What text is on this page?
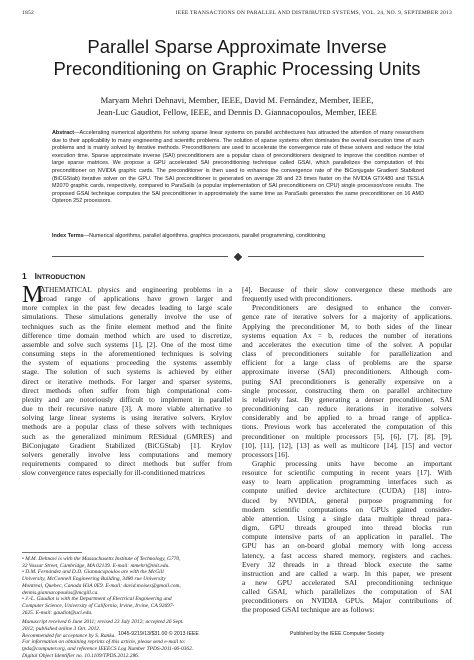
1852	IEEE TRANSACTIONS ON PARALLEL AND DISTRIBUTED SYSTEMS, VOL. 24, NO. 9, SEPTEMBER 2013
Parallel Sparse Approximate Inverse
Preconditioning on Graphic Processing Units
Maryam Mehri Dehnavi, Member, IEEE, David M. Fernández, Member, IEEE,
Jean-Luc Gaudiot, Fellow, IEEE, and Dennis D. Giannacopoulos, Member, IEEE

Abstract—Accelerating numerical algorithms for solving sparse linear systems on parallel architectures has attracted the attention of many researchers due to their applicability to many engineering and scientific problems. The solution of sparse systems often dominates the overall execution time of such problems and is mainly solved by iterative methods. Preconditioners are used to accelerate the convergence rate of these solvers and reduce the total execution time. Sparse approximate inverse (SAI) preconditioners are a popular class of preconditioners designed to improve the condition number of large sparse matrices. We propose a GPU accelerated SAI preconditioning technique called GSAI, which parallelizes the computation of this preconditioner on NVIDIA graphic cards. The preconditioner is then used to enhance the convergence rate of the BiConjugate Gradient Stabilized (BiCGStab) iterative solver on the GPU. The SAI preconditioner is generated on average 28 and 23 times faster on the NVIDIA GTX480 and TESLA M2070 graphic cards, respectively, compared to ParaSails (a popular implementation of SAI preconditioners on CPU) single processor/core results. The proposed GSAI technique computes the SAI preconditioner in approximately the same time as ParaSails generates the same preconditioner on 16 AMD Opteron 252 processors.

Index Terms—Numerical algorithms, parallel algorithms, graphics processors, parallel programming, conditioning
1 INTRODUCTION
M
ATHEMATICAL physics and engineering problems in a
broad range of applications have grown larger and
more complex in the past few decades leading to large scale
simulations. These simulations generally involve the use of
techniques such as the finite element method and the finite
difference time domain method which are used to discretize,
assemble and solve such systems [1], [2]. One of the most time
consuming steps in the aforementioned techniques is solving
the system of equations proceeding the systems assembly
stage. The solution of such systems is achieved by either
direct or iterative methods. For larger and sparser systems,
direct methods often suffer from high computational com-
plexity and are notoriously difficult to implement in parallel
due to their recursive nature [3]. A more viable alternative to
solving large linear systems is using iterative solvers. Krylov
methods are a popular class of these solvers with techniques
such as the generalized minimum RESidual (GMRES) and
BiConjugate Gradient Stabilized (BiCGStab) [1]. Krylov
solvers generally involve less computations and memory
requirements compared to direct methods but suffer from
slow convergence rates especially for ill-conditioned matrices
[4]. Because of their slow convergence these methods are
frequently used with preconditioners.
Preconditioners are designed to enhance the conver-
gence rate of iterative solvers for a majority of applications.
Applying the preconditioner M, to both sides of the linear
systems equation Ax = b, reduces the number of iterations
and accelerates the execution time of the solver. A popular
class of preconditioners suitable for parallelization and
efficient for a large class of problems are the sparse
approximate inverse (SAI) preconditioners. Although com-
puting SAI preconditioners is generally expensive on a
single processor, constructing them on parallel architecture
is relatively fast. By generating a denser preconditioner, SAI
preconditioning can reduce iterations in iterative solvers
considerably and be applied to a broad range of applica-
tions. Previous work has accelerated the computation of this
preconditioner on multiple processors [5], [6], [7], [8], [9],
[10], [11], [12], [13] as well as multicore [14], [15] and vector
processors [16].
Graphic processing units have become an important
resource for scientific computing in recent years [17]. With
easy to learn application programming interfaces such as
compute unified device architecture (CUDA) [18] intro-
duced by NVIDIA, general purpose programming for
modern scientific computations on GPUs gained consider-
able attention. Using a single data multiple thread para-
digm, GPU threads grouped into thread blocks run
compute intensive parts of an application in parallel. The
GPU has an on-board global memory with long access
latency, a fast access shared memory, registers and caches.
Every 32 threads in a thread block execute the same
instruction and are called a warp. In this paper, we present
a new GPU accelerated SAI preconditioning technique
called GSAI, which parallelizes the computation of SAI
preconditioners on NVIDIA GPUs. Major contributions of
the proposed GSAI technique are as follows:
• M.M. Dehnavi is with the Massachusetts Institute of Technology, G770,
32 Vassar Street, Cambridge, MA 02139. E-mail: mmehri@mit.edu.
• D.M. Fernández and D.D. Giannacopoulos are with the McGill
University, McConnell Engineering Building, 3480 rue University
Montreal, Quebec, Canada H3A 0E9. E-mail: david.moises@gmail.com,
dennis.giannacopoulos@mcgill.ca.
• J.-L. Gaudiot is with the Department of Electrical Engineering and
Computer Science, University of California, Irvine, Irvine, CA 92697-
2625. E-mail: gaudiot@uci.edu.
Manuscript received 6 June 2011; revised 23 July 2012; accepted 26 Sept.
2012; published online 3 Oct. 2012.
Recommended for acceptance by S. Ranka.
For information on obtaining reprints of this article, please send e-mail to:
tpds@computer.org, and reference IEEECS Log Number TPDS-2011-06-0362.
Digital Object Identifier no. 10.1109/TPDS.2012.286.
1045-9219/13/$31.00 © 2013 IEEE	Published by the IEEE Computer Society
